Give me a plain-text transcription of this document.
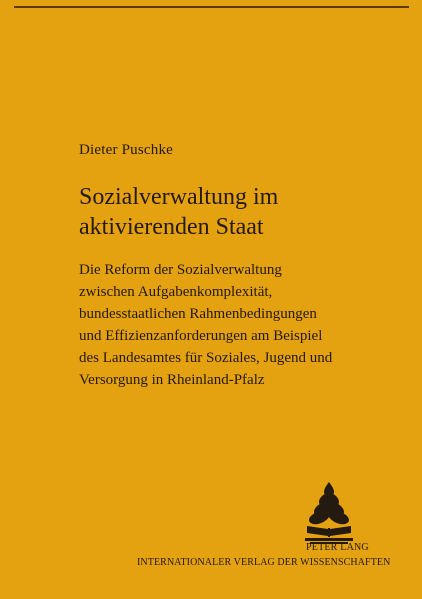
Dieter Puschke
Sozialverwaltung im
aktivierenden Staat
Die Reform der Sozialverwaltung
zwischen Aufgabenkomplexität,
bundesstaatlichen Rahmenbedingungen
und Effizienzanforderungen am Beispiel
des Landesamtes für Soziales, Jugend und
Versorgung in Rheinland-Pfalz
PETER LANG
INTERNATIONALER VERLAG DER WISSENSCHAFTEN
